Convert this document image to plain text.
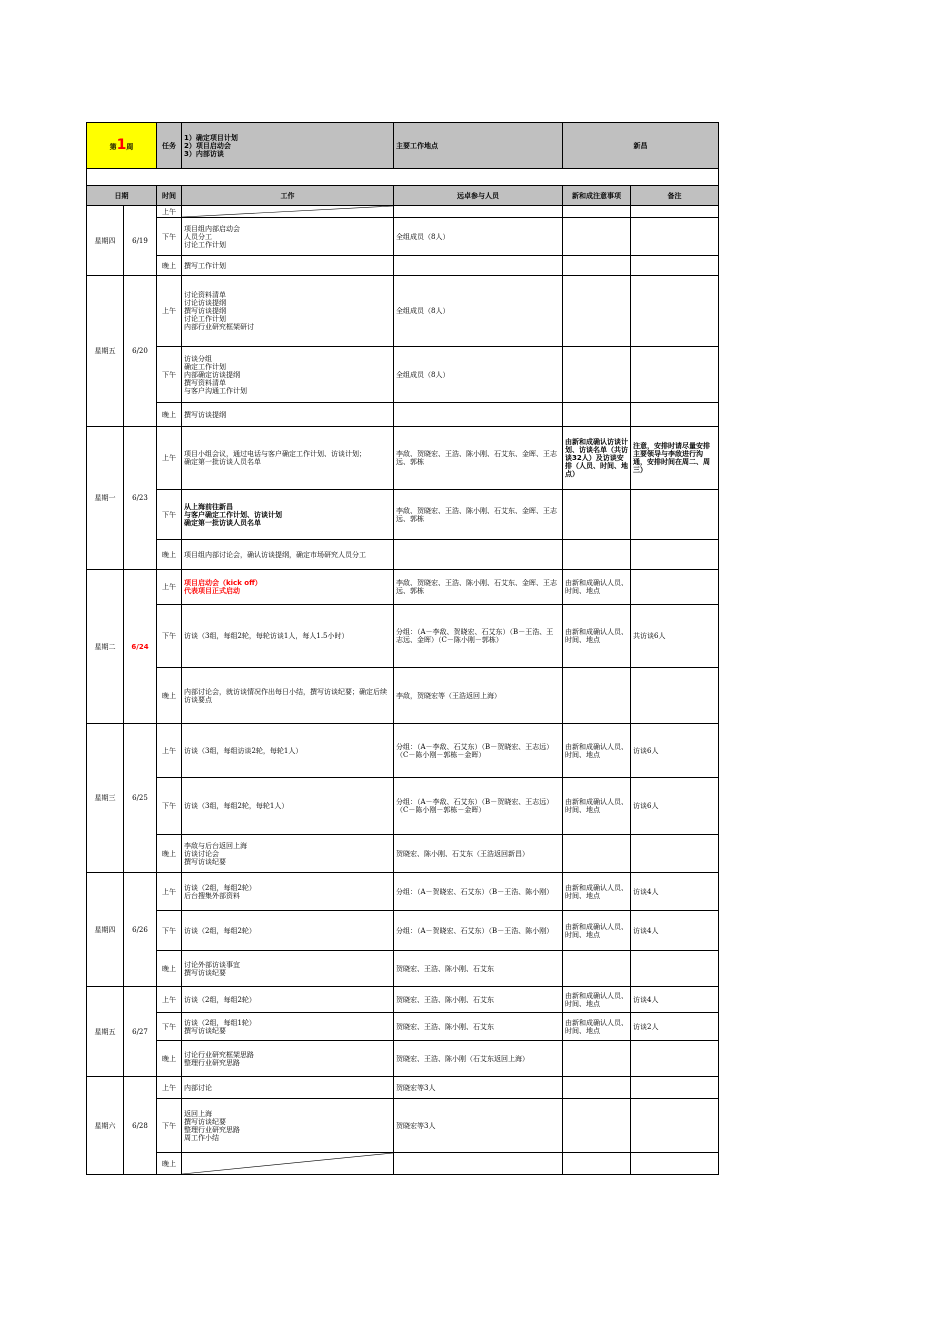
第1周		任务	1）确定项目计划
2）项目启动会
3）内部访谈	主要工作地点	新昌	

日期		时间	工作	远卓参与人员	新和成注意事项	备注
星期四	6/19	上午	

		下午	项目组内部启动会
人员分工
讨论工作计划	全组成员（8人）		
		晚上	撰写工作计划			
星期五	6/20	上午	讨论资料清单
讨论访谈提纲
撰写访谈提纲
讨论工作计划
内部行业研究框架研讨	全组成员（8人）		
		下午	访谈分组
确定工作计划
内部确定访谈提纲
撰写资料清单
与客户沟通工作计划	全组成员（8人）		
		晚上	撰写访谈提纲			
星期一	6/23	上午	项目小组会议，通过电话与客户确定工作计划、访谈计划；
确定第一批访谈人员名单	李敌、贺晓宏、王浩、陈小刚、石艾东、金晖、王志远、郭栋	由新和成确认访谈计划、访谈名单（共访谈32人）及访谈安排（人员、时间、地点）	注意，安排时请尽量安排主要领导与李敌进行沟通，安排时间在周二、周三）
		下午	从上海前往新昌
与客户确定工作计划、访谈计划
确定第一批访谈人员名单	李敌、贺晓宏、王浩、陈小刚、石艾东、金晖、王志远、郭栋		
		晚上	项目组内部讨论会，确认访谈提纲，确定市场研究人员分工			
星期二	6/24	上午	项目启动会（kick off）
代表项目正式启动	李敌、贺晓宏、王浩、陈小刚、石艾东、金晖、王志远、郭栋	由新和成确认人员、时间、地点	
		下午	访谈（3组，每组2轮，每轮访谈1人，每人1.5小时）	分组：（A－李敌、贺晓宏、石艾东）（B－王浩、王志远、金晖）（C－陈小刚－郭栋）	由新和成确认人员、时间、地点	共访谈6人
		晚上	内部讨论会，就访谈情况作出每日小结，撰写访谈纪要；确定后续访谈要点	李敌，贺晓宏等（王浩返回上海）		
星期三	6/25	上午	访谈（3组，每组访谈2轮，每轮1人）	分组：（A－李敌、石艾东）（B－贺晓宏、王志远）（C－陈小刚－郭栋－金晖）	由新和成确认人员、时间、地点	访谈6人
		下午	访谈（3组，每组2轮，每轮1人）	分组：（A－李敌、石艾东）（B－贺晓宏、王志远）（C－陈小刚－郭栋－金晖）	由新和成确认人员、时间、地点	访谈6人
		晚上	李敌与后台返回上海
访谈讨论会
撰写访谈纪要	贺晓宏、陈小刚、石艾东（王浩返回新昌）		
星期四	6/26	上午	访谈（2组，每组2轮）
后台搜集外部资料	分组：（A－贺晓宏、石艾东）（B－王浩、陈小刚）	由新和成确认人员、时间、地点	访谈4人
		下午	访谈（2组，每组2轮）	分组：（A－贺晓宏、石艾东）（B－王浩、陈小刚）	由新和成确认人员、时间、地点	访谈4人
		晚上	讨论外部访谈事宜
撰写访谈纪要	贺晓宏、王浩、陈小刚、石艾东		
星期五	6/27	上午	访谈（2组，每组2轮）	贺晓宏、王浩、陈小刚、石艾东	由新和成确认人员、时间、地点	访谈4人
		下午	访谈（2组，每组1轮）
撰写访谈纪要	贺晓宏、王浩、陈小刚、石艾东	由新和成确认人员、时间、地点	访谈2人
		晚上	讨论行业研究框架思路
整理行业研究思路	贺晓宏、王浩、陈小刚（石艾东返回上海）		
星期六	6/28	上午	内部讨论	贺晓宏等3人		
		下午	返回上海
撰写访谈纪要
整理行业研究思路
周工作小结	贺晓宏等3人		
		晚上	
